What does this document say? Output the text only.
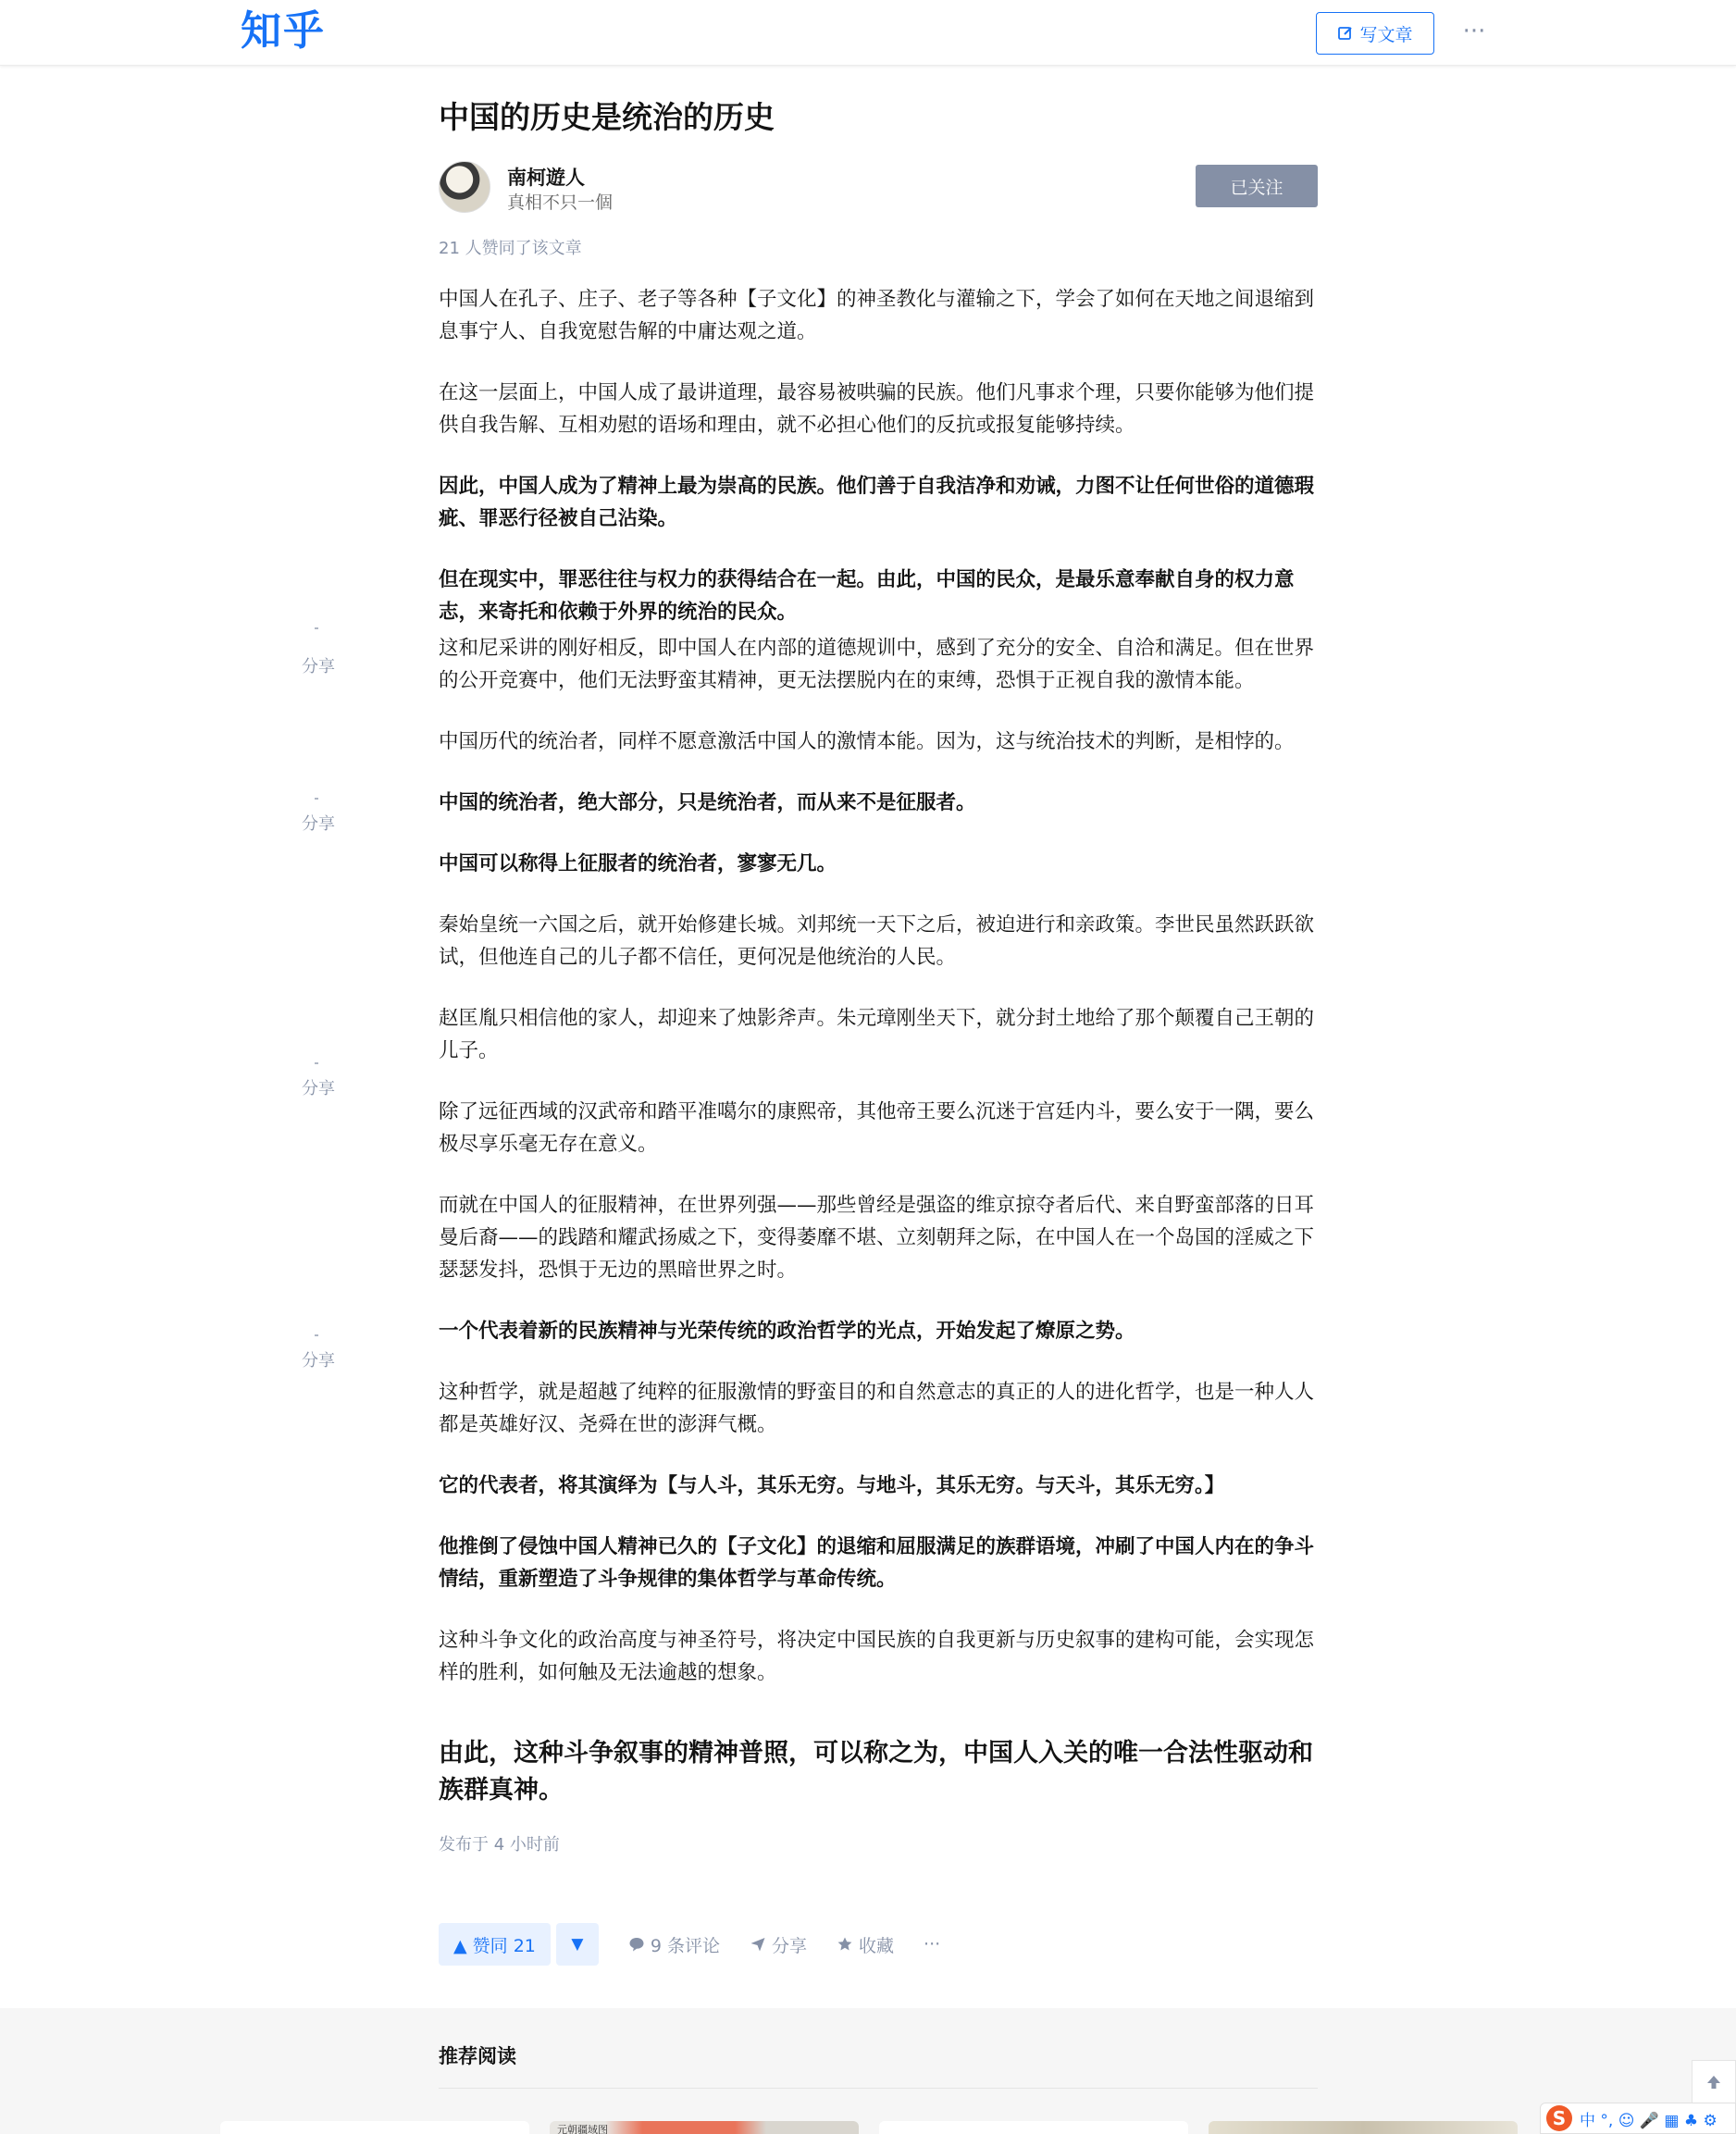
知乎	写文章 ···
分享
分享
分享
分享
中国的历史是统治的历史
南柯遊人
真相不只一個
已关注
21 人赞同了该文章

中国人在孔子、庄子、老子等各种【子文化】的神圣教化与灌输之下，学会了如何在天地之间退缩到息事宁人、自我宽慰告解的中庸达观之道。

在这一层面上，中国人成了最讲道理，最容易被哄骗的民族。他们凡事求个理，只要你能够为他们提供自我告解、互相劝慰的语场和理由，就不必担心他们的反抗或报复能够持续。

因此，中国人成为了精神上最为崇高的民族。他们善于自我洁净和劝诫，力图不让任何世俗的道德瑕疵、罪恶行径被自己沾染。

但在现实中，罪恶往往与权力的获得结合在一起。由此，中国的民众，是最乐意奉献自身的权力意志，来寄托和依赖于外界的统治的民众。

这和尼采讲的刚好相反，即中国人在内部的道德规训中，感到了充分的安全、自洽和满足。但在世界的公开竞赛中，他们无法野蛮其精神，更无法摆脱内在的束缚，恐惧于正视自我的激情本能。

中国历代的统治者，同样不愿意激活中国人的激情本能。因为，这与统治技术的判断，是相悖的。

中国的统治者，绝大部分，只是统治者，而从来不是征服者。

中国可以称得上征服者的统治者，寥寥无几。

秦始皇统一六国之后，就开始修建长城。刘邦统一天下之后，被迫进行和亲政策。李世民虽然跃跃欲试，但他连自己的儿子都不信任，更何况是他统治的人民。

赵匡胤只相信他的家人，却迎来了烛影斧声。朱元璋刚坐天下，就分封土地给了那个颠覆自己王朝的儿子。

除了远征西域的汉武帝和踏平准噶尔的康熙帝，其他帝王要么沉迷于宫廷内斗，要么安于一隅，要么极尽享乐毫无存在意义。

而就在中国人的征服精神，在世界列强——那些曾经是强盗的维京掠夺者后代、来自野蛮部落的日耳曼后裔——的践踏和耀武扬威之下，变得萎靡不堪、立刻朝拜之际，在中国人在一个岛国的淫威之下瑟瑟发抖，恐惧于无边的黑暗世界之时。

一个代表着新的民族精神与光荣传统的政治哲学的光点，开始发起了燎原之势。

这种哲学，就是超越了纯粹的征服激情的野蛮目的和自然意志的真正的人的进化哲学，也是一种人人都是英雄好汉、尧舜在世的澎湃气概。

它的代表者，将其演绎为【与人斗，其乐无穷。与地斗，其乐无穷。与天斗，其乐无穷。】

他推倒了侵蚀中国人精神已久的【子文化】的退缩和屈服满足的族群语境，冲刷了中国人内在的争斗情结，重新塑造了斗争规律的集体哲学与革命传统。

这种斗争文化的政治高度与神圣符号，将决定中国民族的自我更新与历史叙事的建构可能，会实现怎样的胜利，如何触及无法逾越的想象。

由此，这种斗争叙事的精神普照，可以称之为，中国人入关的唯一合法性驱动和族群真神。

发布于 4 小时前
▲ 赞同 21	▼	9 条评论	分享	收藏 ···
推荐阅读
元朝疆域图
S 中 °, ☺ 🎤 ▦ ♣ ⚙
